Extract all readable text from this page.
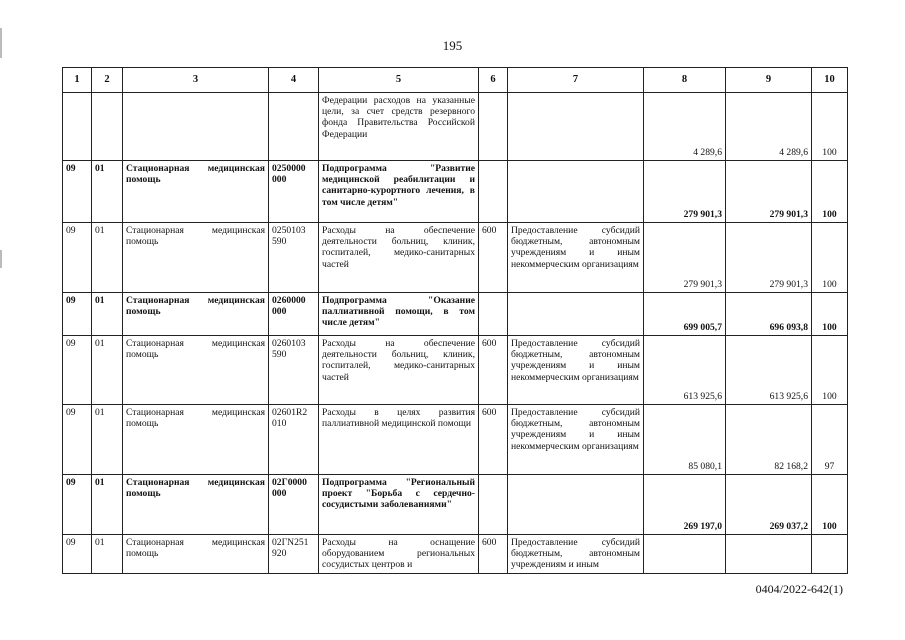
195
1	2	3	4	5	6	7	8	9	10
				Федерации расходов на указанные цели, за счет средств резервного фонда Правительства Российской Федерации			4 289,6	4 289,6	100
09	01	Стационарная медицинская помощь	0250000 000	Подпрограмма "Развитие медицинской реабилитации и санитарно-курортного лечения, в том числе детям"			279 901,3	279 901,3	100
09	01	Стационарная медицинская помощь	0250103 590	Расходы на обеспечение деятельности больниц, клиник, госпиталей, медико-санитарных частей	600	Предоставление субсидий бюджетным, автономным учреждениям и иным некоммерческим организациям	279 901,3	279 901,3	100
09	01	Стационарная медицинская помощь	0260000 000	Подпрограмма "Оказание паллиативной помощи, в том числе детям"			699 005,7	696 093,8	100
09	01	Стационарная медицинская помощь	0260103 590	Расходы на обеспечение деятельности больниц, клиник, госпиталей, медико-санитарных частей	600	Предоставление субсидий бюджетным, автономным учреждениям и иным некоммерческим организациям	613 925,6	613 925,6	100
09	01	Стационарная медицинская помощь	02601R2 010	Расходы в целях развития паллиативной медицинской помощи	600	Предоставление субсидий бюджетным, автономным учреждениям и иным некоммерческим организациям	85 080,1	82 168,2	97
09	01	Стационарная медицинская помощь	02Г0000 000	Подпрограмма "Региональный проект "Борьба с сердечно-сосудистыми заболеваниями"			269 197,0	269 037,2	100
09	01	Стационарная медицинская помощь	02ГN251 920	Расходы на оснащение оборудованием региональных сосудистых центров и	600	Предоставление субсидий бюджетным, автономным учреждениям и иным			
0404/2022-642(1)
